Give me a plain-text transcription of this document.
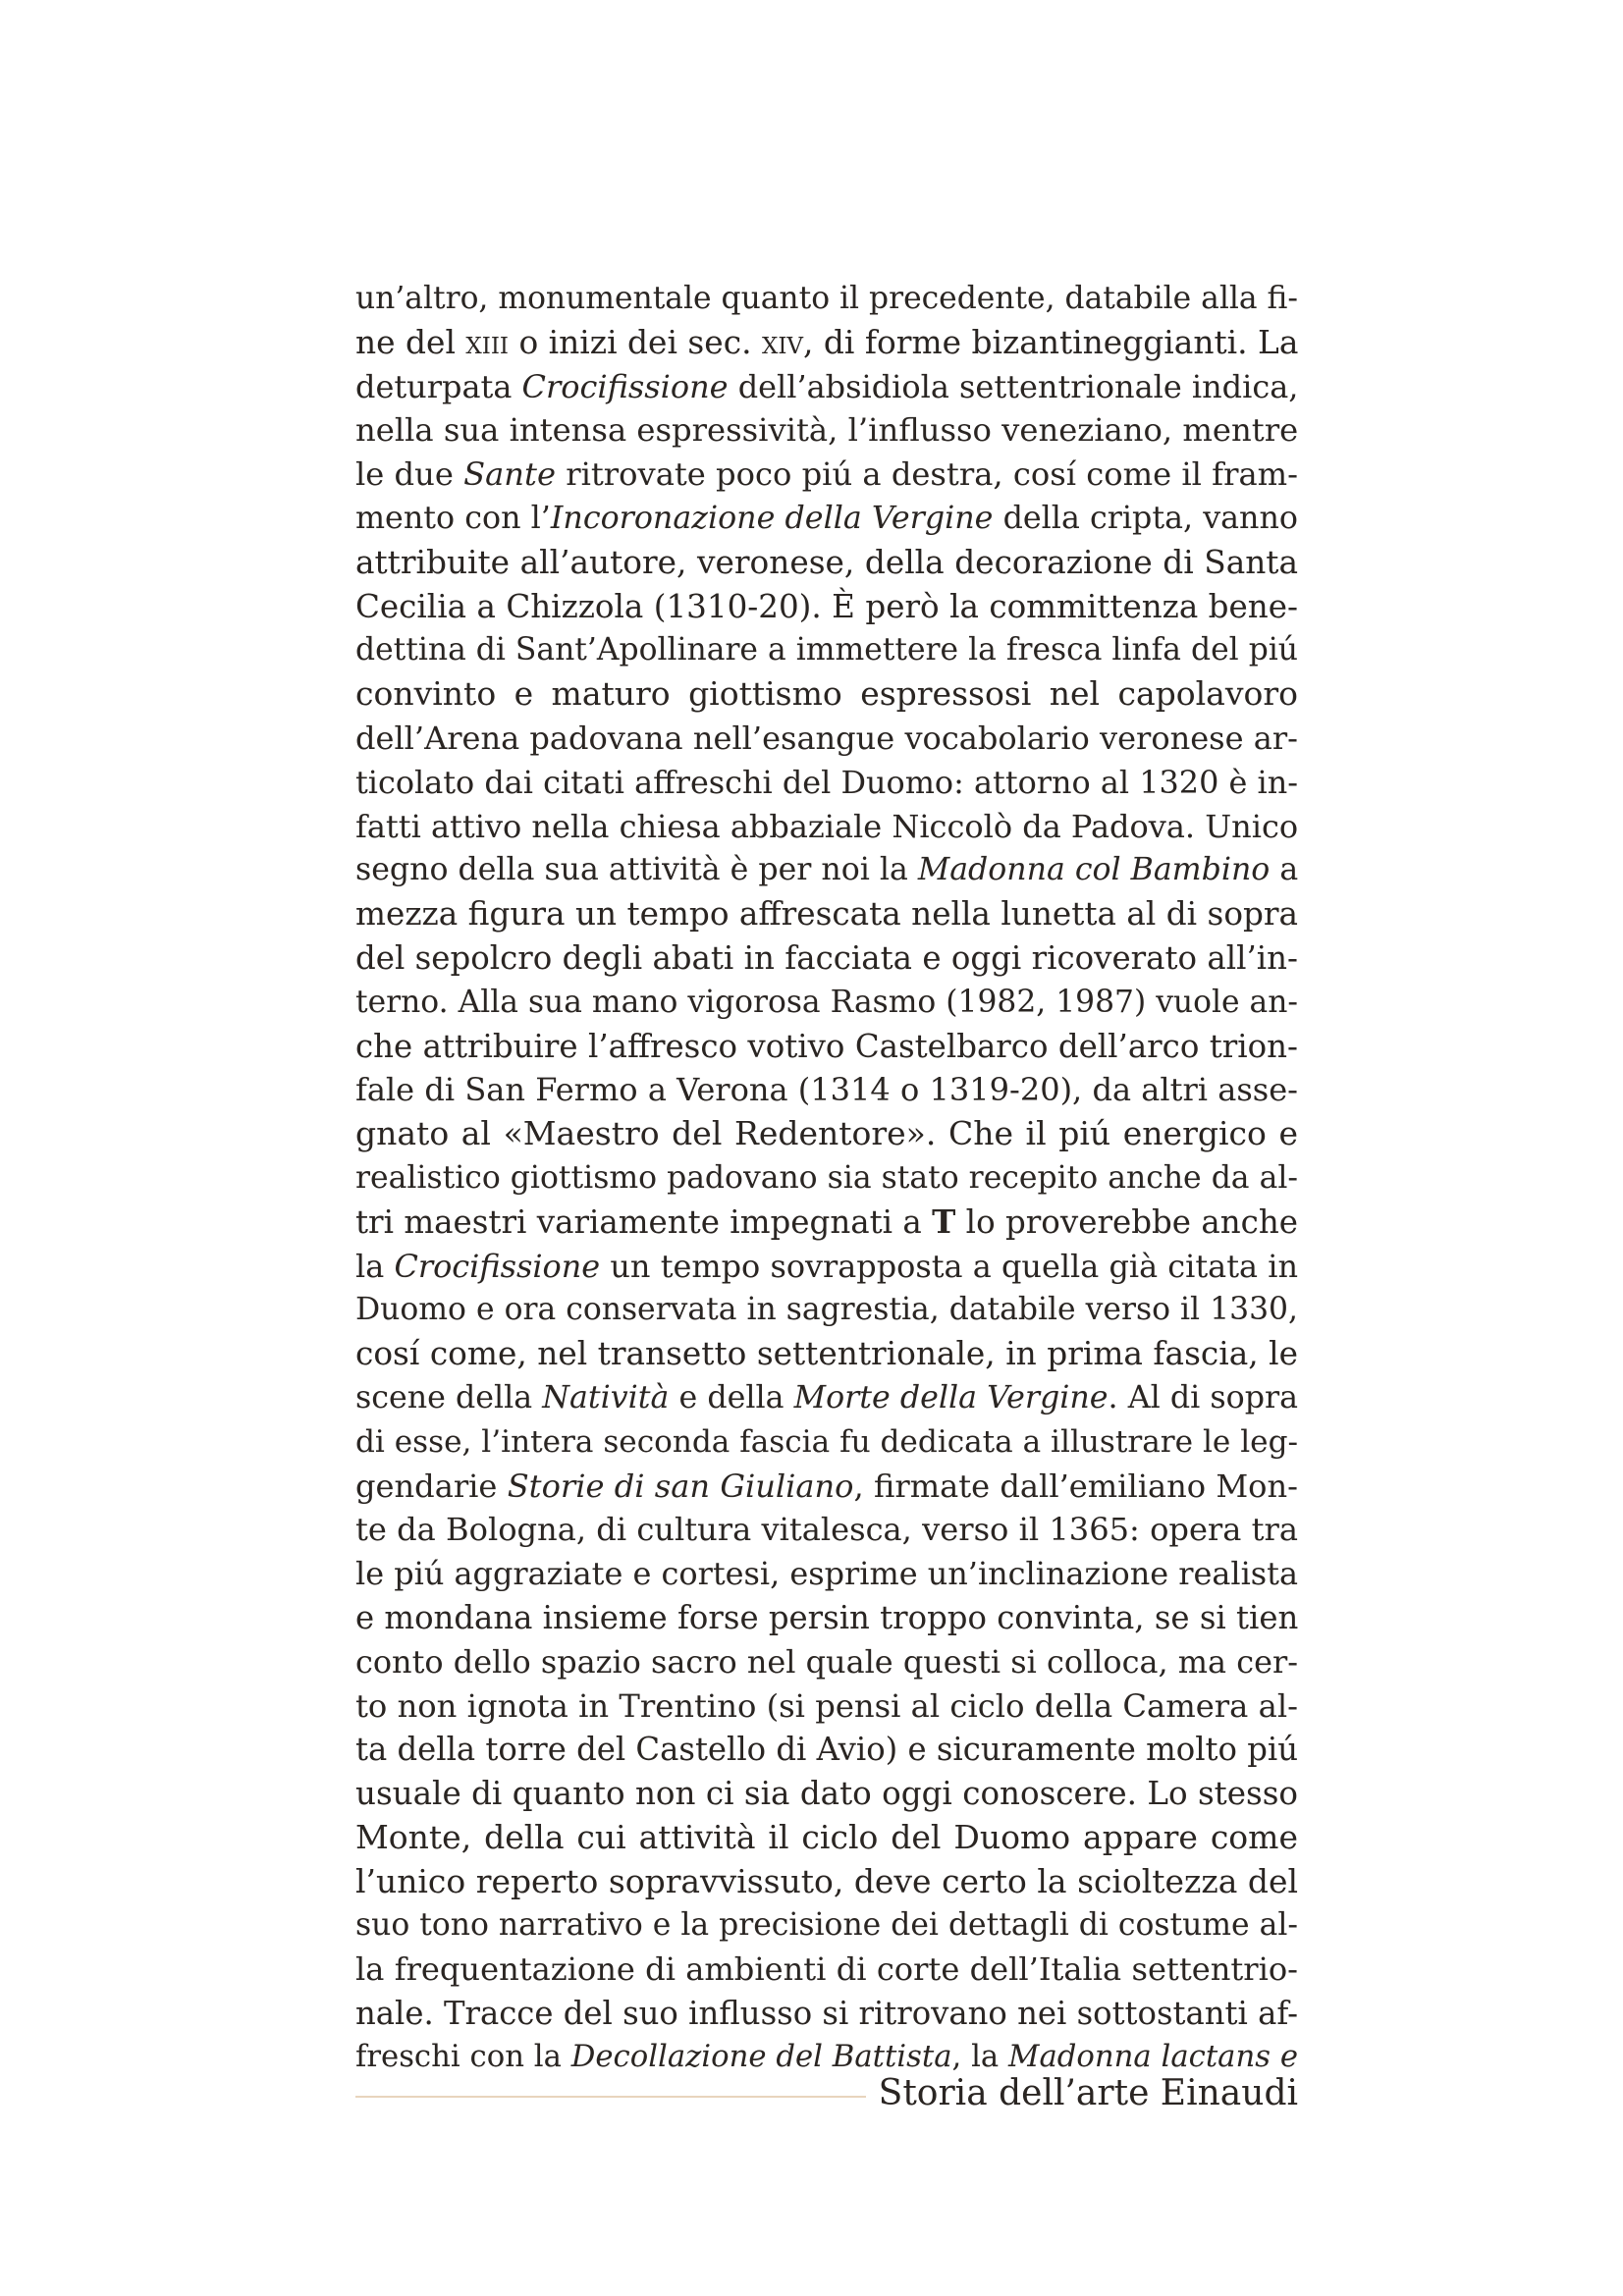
un’altro, monumentale quanto il precedente, databile alla fi-
ne del xiii o inizi dei sec. xiv, di forme bizantineggianti. La
deturpata Crocifissione dell’absidiola settentrionale indica,
nella sua intensa espressività, l’influsso veneziano, mentre
le due Sante ritrovate poco piú a destra, cosí come il fram-
mento con l’Incoronazione della Vergine della cripta, vanno
attribuite all’autore, veronese, della decorazione di Santa
Cecilia a Chizzola (1310-20). È però la committenza bene-
dettina di Sant’Apollinare a immettere la fresca linfa del piú
convinto e maturo giottismo espressosi nel capolavoro
dell’Arena padovana nell’esangue vocabolario veronese ar-
ticolato dai citati affreschi del Duomo: attorno al 1320 è in-
fatti attivo nella chiesa abbaziale Niccolò da Padova. Unico
segno della sua attività è per noi la Madonna col Bambino a
mezza figura un tempo affrescata nella lunetta al di sopra
del sepolcro degli abati in facciata e oggi ricoverato all’in-
terno. Alla sua mano vigorosa Rasmo (1982, 1987) vuole an-
che attribuire l’affresco votivo Castelbarco dell’arco trion-
fale di San Fermo a Verona (1314 o 1319-20), da altri asse-
gnato al «Maestro del Redentore». Che il piú energico e
realistico giottismo padovano sia stato recepito anche da al-
tri maestri variamente impegnati a T lo proverebbe anche
la Crocifissione un tempo sovrapposta a quella già citata in
Duomo e ora conservata in sagrestia, databile verso il 1330,
cosí come, nel transetto settentrionale, in prima fascia, le
scene della Natività e della Morte della Vergine. Al di sopra
di esse, l’intera seconda fascia fu dedicata a illustrare le leg-
gendarie Storie di san Giuliano, firmate dall’emiliano Mon-
te da Bologna, di cultura vitalesca, verso il 1365: opera tra
le piú aggraziate e cortesi, esprime un’inclinazione realista
e mondana insieme forse persin troppo convinta, se si tien
conto dello spazio sacro nel quale questi si colloca, ma cer-
to non ignota in Trentino (si pensi al ciclo della Camera al-
ta della torre del Castello di Avio) e sicuramente molto piú
usuale di quanto non ci sia dato oggi conoscere. Lo stesso
Monte, della cui attività il ciclo del Duomo appare come
l’unico reperto sopravvissuto, deve certo la scioltezza del
suo tono narrativo e la precisione dei dettagli di costume al-
la frequentazione di ambienti di corte dell’Italia settentrio-
nale. Tracce del suo influsso si ritrovano nei sottostanti af-
freschi con la Decollazione del Battista, la Madonna lactans e
Storia dell’arte Einaudi
